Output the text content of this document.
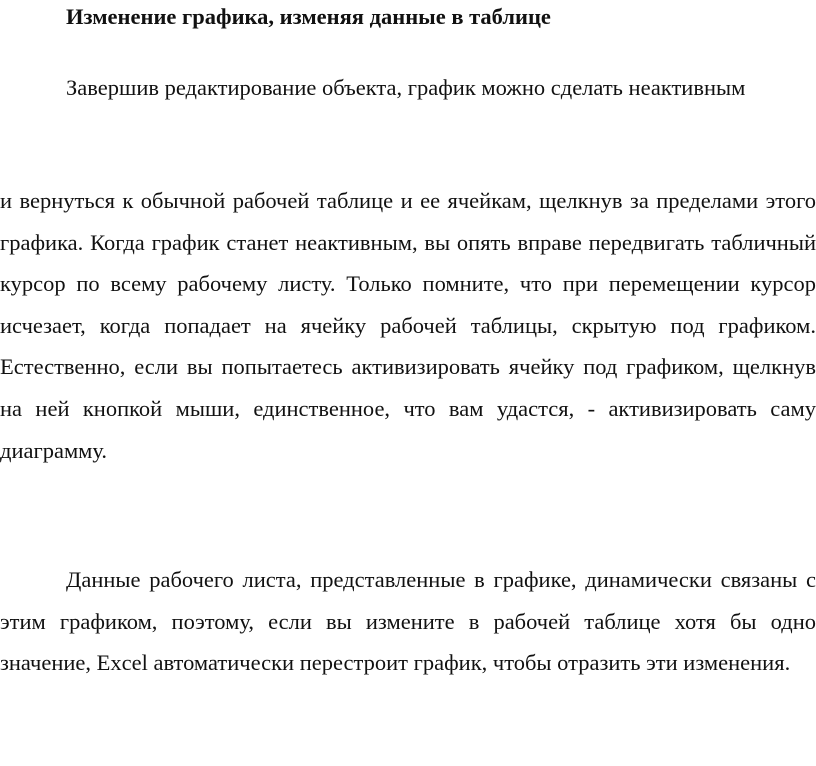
Изменение графика, изменяя данные в таблице

Завершив редактирование объекта, график можно сделать неактивным

и вернуться к обычной рабочей таблице и ее ячейкам, щелкнув за пределами этого графика. Когда график станет неактивным, вы опять вправе передвигать табличный курсор по всему рабочему листу. Только помните, что при перемещении курсор исчезает, когда попадает на ячейку рабочей таблицы, скрытую под графиком. Естественно, если вы попытаетесь активизировать ячейку под графиком, щелкнув на ней кнопкой мыши, единственное, что вам удастся, - активизировать саму диаграмму.

Данные рабочего листа, представленные в графике, динамически связаны с этим графиком, поэтому, если вы измените в рабочей таблице хотя бы одно значение, Excel автоматически перестроит график, чтобы отразить эти изменения.
